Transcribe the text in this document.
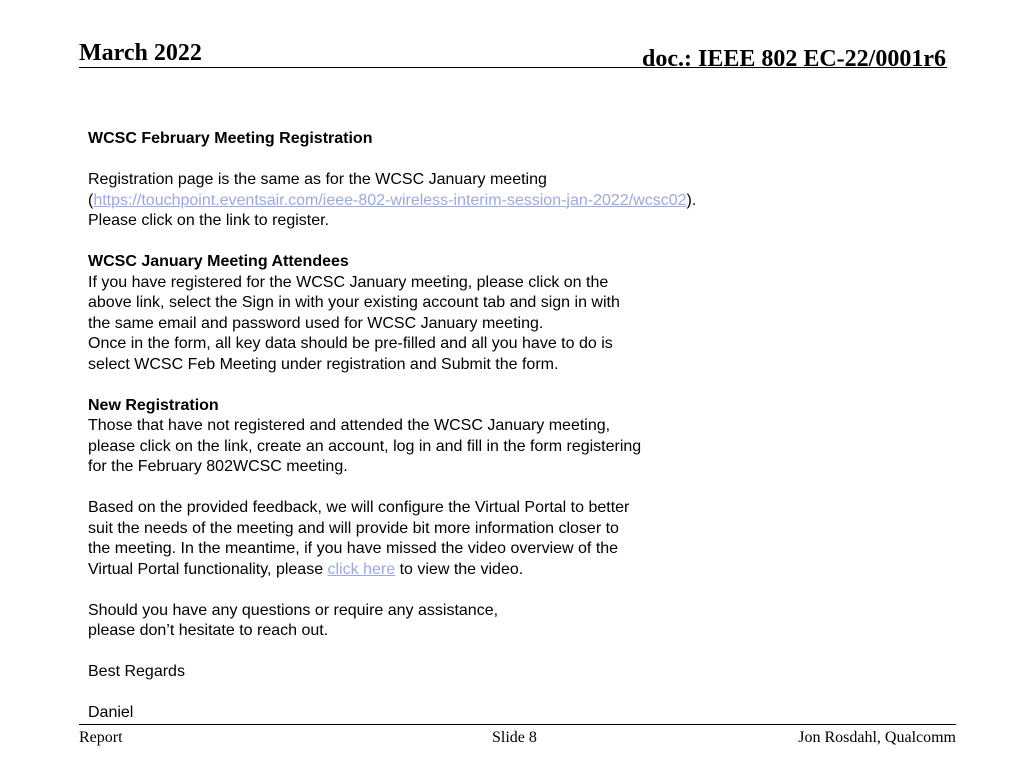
March 2022	doc.: IEEE 802 EC-22/0001r6

WCSC February Meeting Registration

Registration page is the same as for the WCSC January meeting

(https://touchpoint.eventsair.com/ieee-802-wireless-interim-session-jan-2022/wcsc02).

Please click on the link to register.

WCSC January Meeting Attendees

If you have registered for the WCSC January meeting, please click on the

above link, select the Sign in with your existing account tab and sign in with

the same email and password used for WCSC January meeting.

Once in the form, all key data should be pre-filled and all you have to do is

select WCSC Feb Meeting under registration and Submit the form.

New Registration

Those that have not registered and attended the WCSC January meeting,

please click on the link, create an account, log in and fill in the form registering

for the February 802WCSC meeting.

Based on the provided feedback, we will configure the Virtual Portal to better

suit the needs of the meeting and will provide bit more information closer to

the meeting. In the meantime, if you have missed the video overview of the

Virtual Portal functionality, please click here to view the video.

Should you have any questions or require any assistance,

please don’t hesitate to reach out.

Best Regards

Daniel

Report	Slide 8	Jon Rosdahl, Qualcomm
